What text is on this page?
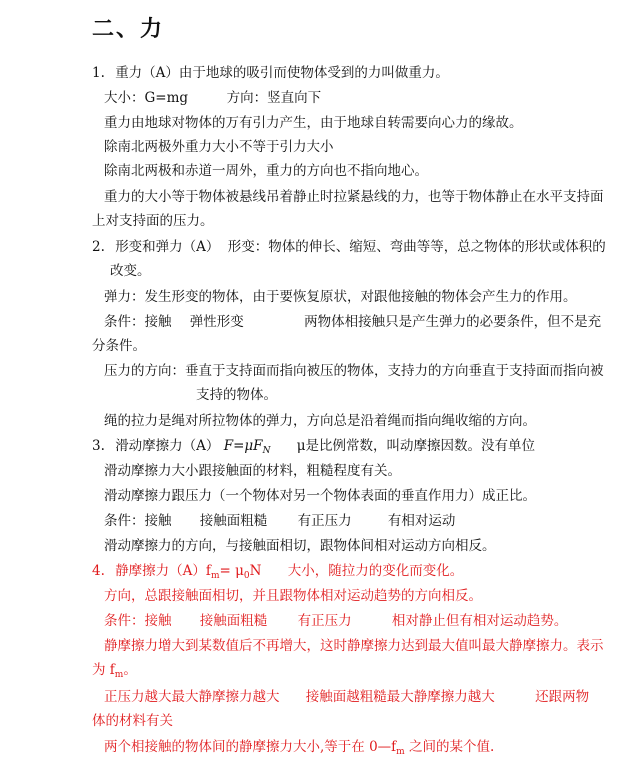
二、力
1. 重力（A）由于地球的吸引而使物体受到的力叫做重力。
大小：G=mg	方向：竖直向下
重力由地球对物体的万有引力产生，由于地球自转需要向心力的缘故。
除南北两极外重力大小不等于引力大小
除南北两极和赤道一周外，重力的方向也不指向地心。
重力的大小等于物体被悬线吊着静止时拉紧悬线的力，也等于物体静止在水平支持面
上对支持面的压力。
2. 形变和弹力（A） 形变：物体的伸长、缩短、弯曲等等，总之物体的形状或体积的
改变。
弹力：发生形变的物体，由于要恢复原状，对跟他接触的物体会产生力的作用。
条件：接触 弹性形变	两物体相接触只是产生弹力的必要条件，但不是充
分条件。
压力的方向：垂直于支持面而指向被压的物体，支持力的方向垂直于支持面而指向被
支持的物体。
绳的拉力是绳对所拉物体的弹力，方向总是沿着绳而指向绳收缩的方向。
3. 滑动摩擦力（A） $F=\mu F_N$ μ是比例常数，叫动摩擦因数。没有单位
滑动摩擦力大小跟接触面的材料，粗糙程度有关。
滑动摩擦力跟压力（一个物体对另一个物体表面的垂直作用力）成正比。
条件：接触 接触面粗糙 有正压力	有相对运动
滑动摩擦力的方向，与接触面相切，跟物体间相对运动方向相反。
4. 静摩擦力$(A)f_m= \mu_0N$ 大小，随拉力的变化而变化。
方向，总跟接触面相切，并且跟物体相对运动趋势的方向相反。
条件：接触 接触面粗糙 有正压力	相对静止但有相对运动趋势。
静摩擦力增大到某数值后不再增大，这时静摩擦力达到最大值叫最大静摩擦力。表示
为 $f_m$。
正压力越大最大静摩擦力越大 接触面越粗糙最大静摩擦力越大	还跟两物
体的材料有关
两个相接触的物体间的静摩擦力大小,等于在 $0—f_m$ 之间的某个值.
